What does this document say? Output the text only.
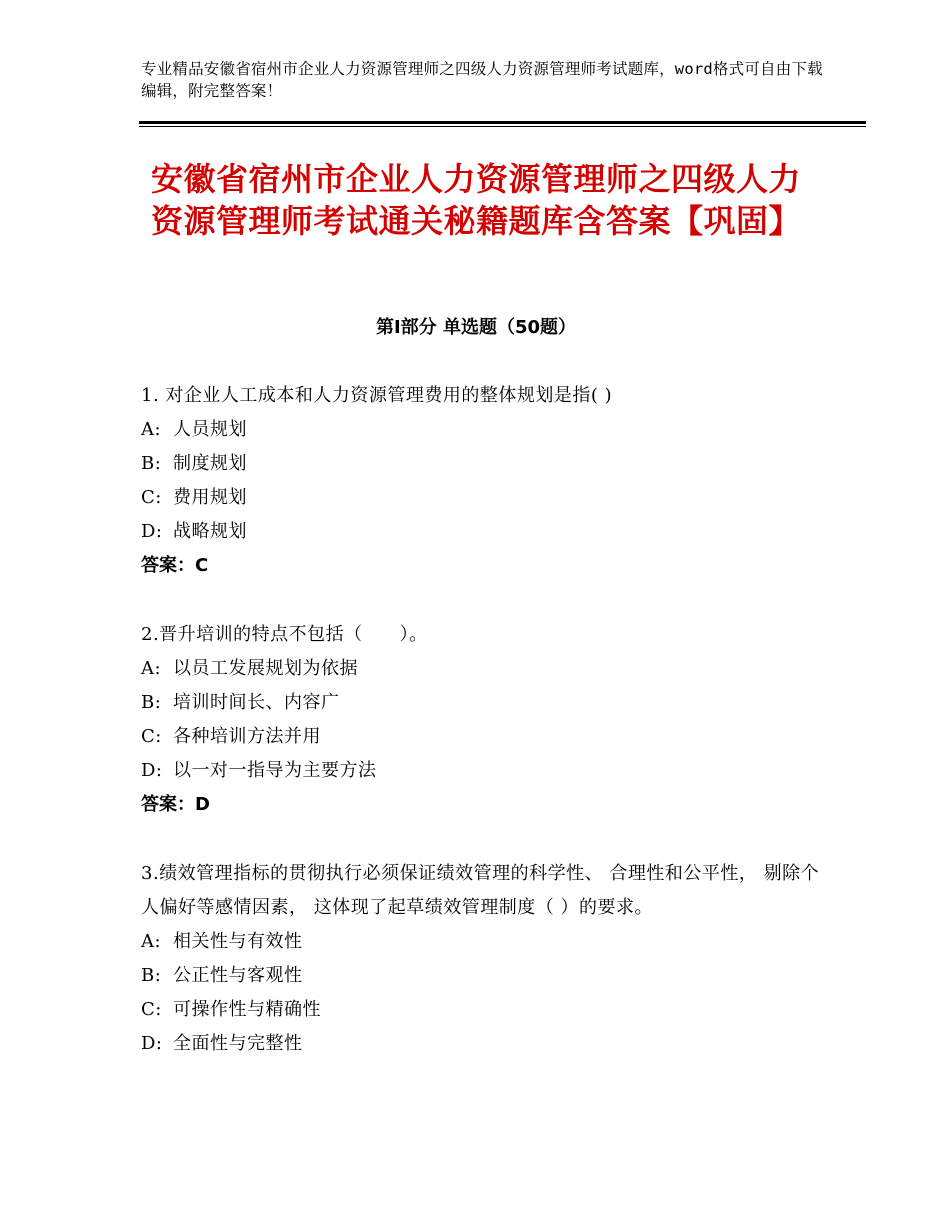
专业精品安徽省宿州市企业人力资源管理师之四级人力资源管理师考试题库，word格式可自由下载编辑，附完整答案！
安徽省宿州市企业人力资源管理师之四级人力资源管理师考试通关秘籍题库含答案【巩固】
第Ⅰ部分 单选题（50题）

1. 对企业人工成本和人力资源管理费用的整体规划是指( )

A: 人员规划

B: 制度规划

C: 费用规划

D: 战略规划

答案：C

2.晋升培训的特点不包括（　　）。

A: 以员工发展规划为依据

B: 培训时间长、内容广

C: 各种培训方法并用

D: 以一对一指导为主要方法

答案：D

3.绩效管理指标的贯彻执行必须保证绩效管理的科学性、 合理性和公平性， 剔除个人偏好等感情因素， 这体现了起草绩效管理制度（ ）的要求。

A: 相关性与有效性

B: 公正性与客观性

C: 可操作性与精确性

D: 全面性与完整性
